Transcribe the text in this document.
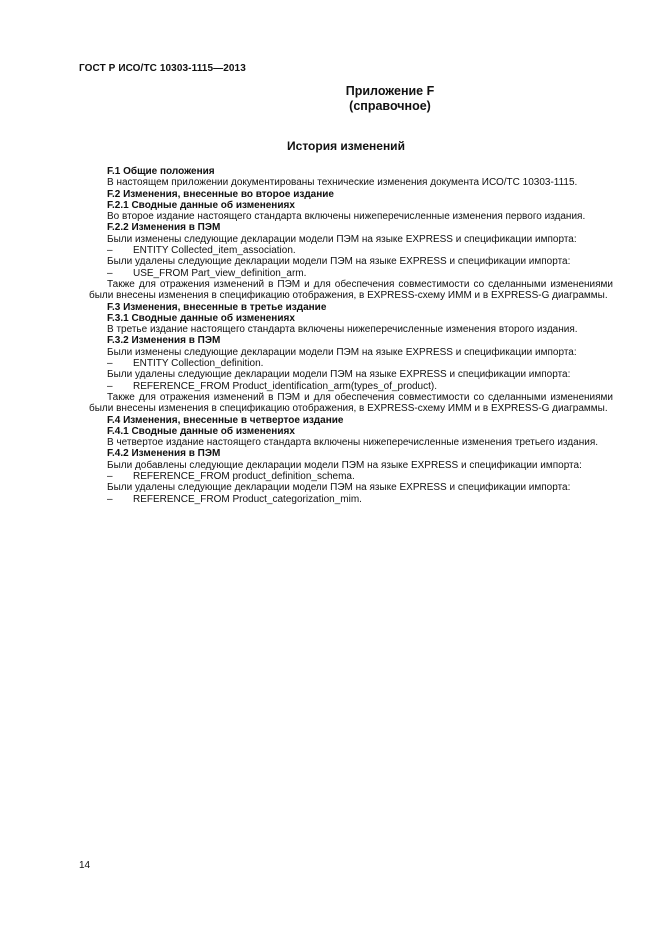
ГОСТ Р ИСО/ТС 10303-1115—2013
Приложение F
(справочное)
История изменений
F.1 Общие положения

В настоящем приложении документированы технические изменения документа ИСО/ТС 10303-1115.

F.2 Изменения, внесенные во второе издание
F.2.1 Сводные данные об изменениях

Во второе издание настоящего стандарта включены нижеперечисленные изменения первого издания.

F.2.2 Изменения в ПЭМ

Были изменены следующие декларации модели ПЭМ на языке EXPRESS и спецификации импорта:

–	ENTITY Collected_item_association.

Были удалены следующие декларации модели ПЭМ на языке EXPRESS и спецификации импорта:

–	USE_FROM Part_view_definition_arm.

Также для отражения изменений в ПЭМ и для обеспечения совместимости со сделанными изменениями были внесены изменения в спецификацию отображения, в EXPRESS-схему ИММ и в EXPRESS-G диаграммы.

F.3 Изменения, внесенные в третье издание
F.3.1 Сводные данные об изменениях

В третье издание настоящего стандарта включены нижеперечисленные изменения второго издания.

F.3.2 Изменения в ПЭМ

Были изменены следующие декларации модели ПЭМ на языке EXPRESS и спецификации импорта:

–	ENTITY Collection_definition.

Были удалены следующие декларации модели ПЭМ на языке EXPRESS и спецификации импорта:

–	REFERENCE_FROM Product_identification_arm(types_of_product).

Также для отражения изменений в ПЭМ и для обеспечения совместимости со сделанными изменениями были внесены изменения в спецификацию отображения, в EXPRESS-схему ИММ и в EXPRESS-G диаграммы.

F.4 Изменения, внесенные в четвертое издание
F.4.1 Сводные данные об изменениях

В четвертое издание настоящего стандарта включены нижеперечисленные изменения третьего издания.

F.4.2 Изменения в ПЭМ

Были добавлены следующие декларации модели ПЭМ на языке EXPRESS и спецификации импорта:

–	REFERENCE_FROM product_definition_schema.

Были удалены следующие декларации модели ПЭМ на языке EXPRESS и спецификации импорта:

–	REFERENCE_FROM Product_categorization_mim.
14
